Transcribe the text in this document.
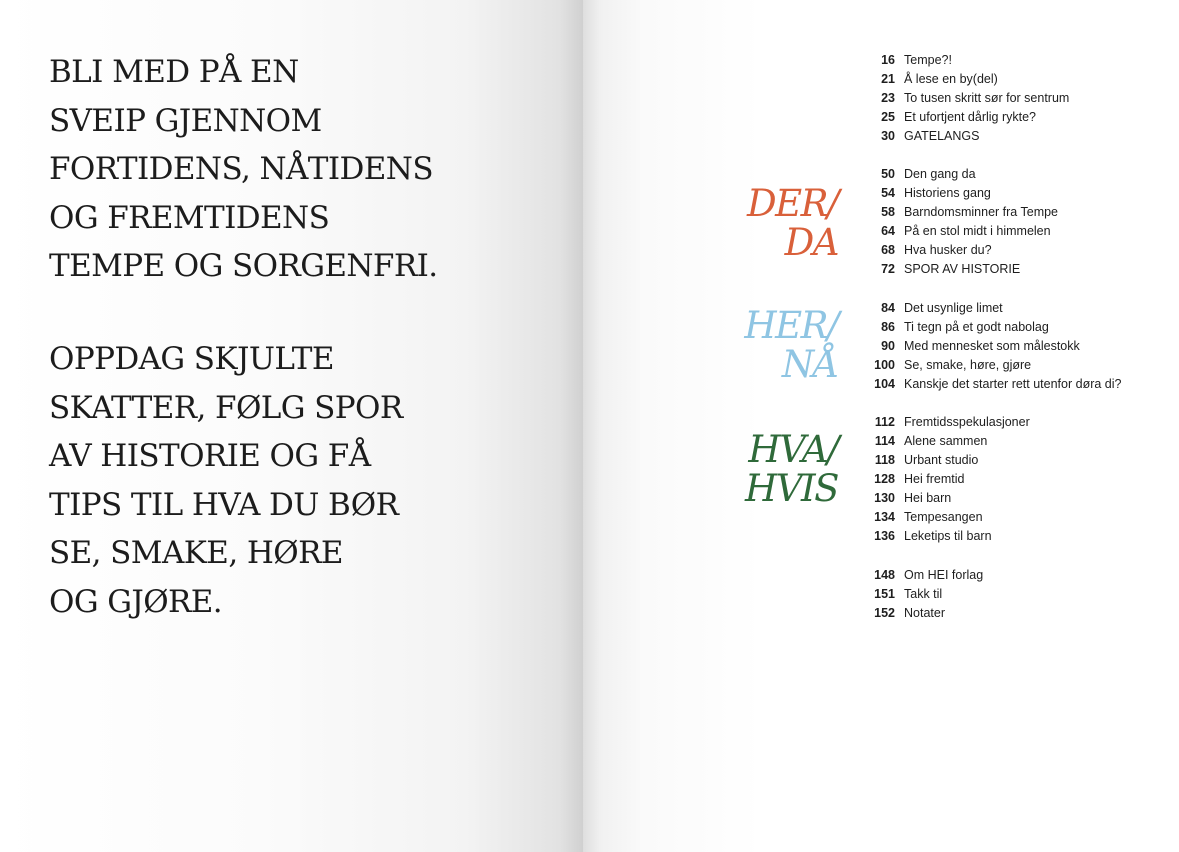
BLI MED PÅ EN
SVEIP GJENNOM
FORTIDENS, NÅTIDENS
OG FREMTIDENS
TEMPE OG SORGENFRI.

OPPDAG SKJULTE
SKATTER, FØLG SPOR
AV HISTORIE OG FÅ
TIPS TIL HVA DU BØR
SE, SMAKE, HØRE
OG GJØRE.

DER/
DA
HER/
NÅ
HVA/
HVIS
16 Tempe?!
21 Å lese en by(del)
23 To tusen skritt sør for sentrum
25 Et ufortjent dårlig rykte?
30 GATELANGS
50 Den gang da
54 Historiens gang
58 Barndomsminner fra Tempe
64 På en stol midt i himmelen
68 Hva husker du?
72 SPOR AV HISTORIE
84 Det usynlige limet
86 Ti tegn på et godt nabolag
90 Med mennesket som målestokk
100 Se, smake, høre, gjøre
104 Kanskje det starter rett utenfor døra di?
112 Fremtidsspekulasjoner
114 Alene sammen
118 Urbant studio
128 Hei fremtid
130 Hei barn
134 Tempesangen
136 Leketips til barn
148 Om HEI forlag
151 Takk til
152 Notater
